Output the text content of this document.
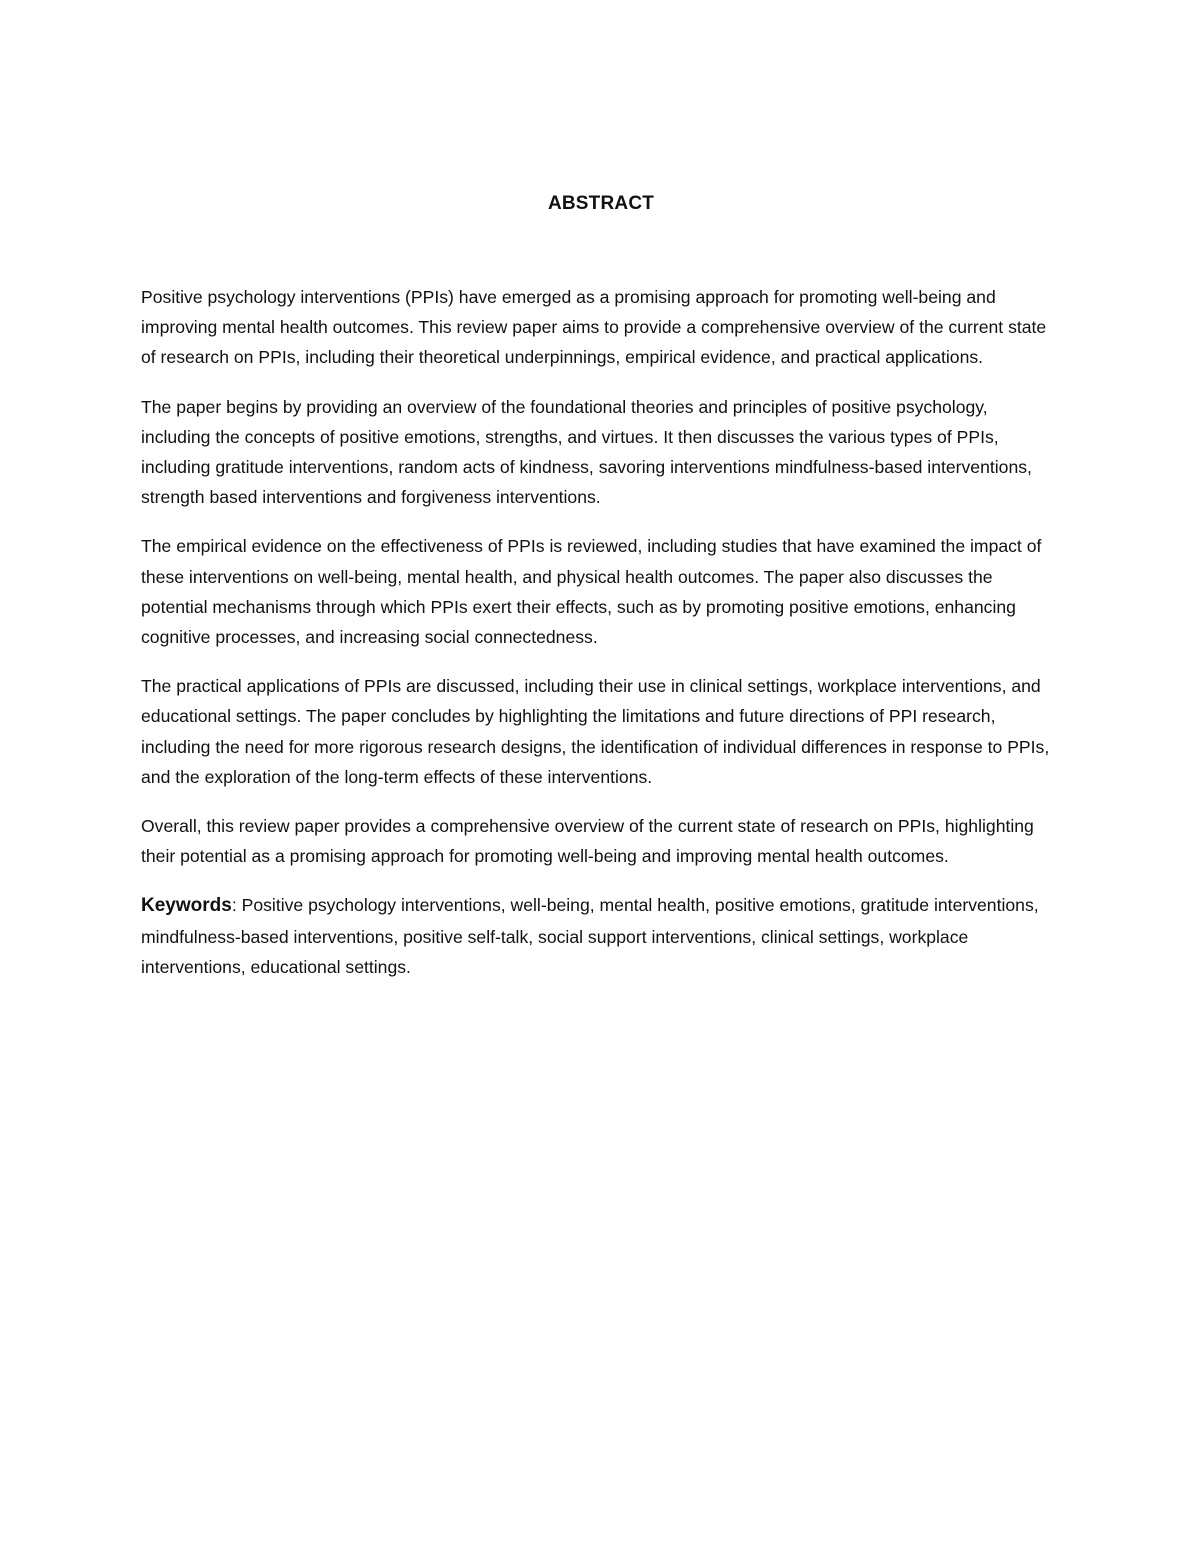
ABSTRACT

Positive psychology interventions (PPIs) have emerged as a promising approach for promoting well-being and improving mental health outcomes. This review paper aims to provide a comprehensive overview of the current state of research on PPIs, including their theoretical underpinnings, empirical evidence, and practical applications.

The paper begins by providing an overview of the foundational theories and principles of positive psychology, including the concepts of positive emotions, strengths, and virtues. It then discusses the various types of PPIs, including gratitude interventions, random acts of kindness, savoring interventions mindfulness-based interventions, strength based interventions and forgiveness interventions.

The empirical evidence on the effectiveness of PPIs is reviewed, including studies that have examined the impact of these interventions on well-being, mental health, and physical health outcomes. The paper also discusses the potential mechanisms through which PPIs exert their effects, such as by promoting positive emotions, enhancing cognitive processes, and increasing social connectedness.

The practical applications of PPIs are discussed, including their use in clinical settings, workplace interventions, and educational settings. The paper concludes by highlighting the limitations and future directions of PPI research, including the need for more rigorous research designs, the identification of individual differences in response to PPIs, and the exploration of the long-term effects of these interventions.

Overall, this review paper provides a comprehensive overview of the current state of research on PPIs, highlighting their potential as a promising approach for promoting well-being and improving mental health outcomes.

Keywords: Positive psychology interventions, well-being, mental health, positive emotions, gratitude interventions, mindfulness-based interventions, positive self-talk, social support interventions, clinical settings, workplace interventions, educational settings.
